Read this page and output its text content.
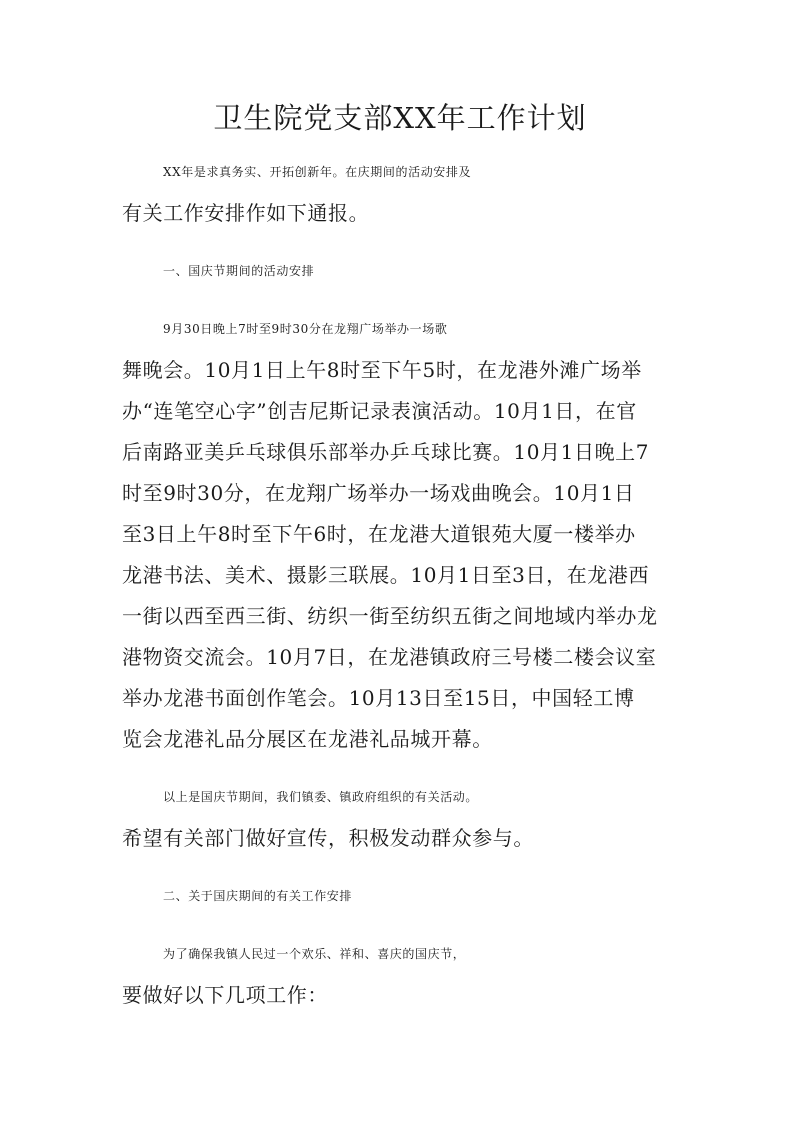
卫生院党支部XX年工作计划

XX年是求真务实、开拓创新年。在庆期间的活动安排及

有关工作安排作如下通报。

一、国庆节期间的活动安排

9月30日晚上7时至9时30分在龙翔广场举办一场歌

舞晚会。10月1日上午8时至下午5时，在龙港外滩广场举

办“连笔空心字”创吉尼斯记录表演活动。10月1日，在官

后南路亚美乒乓球俱乐部举办乒乓球比赛。10月1日晚上7

时至9时30分，在龙翔广场举办一场戏曲晚会。10月1日

至3日上午8时至下午6时，在龙港大道银苑大厦一楼举办

龙港书法、美术、摄影三联展。10月1日至3日，在龙港西

一街以西至西三街、纺织一街至纺织五街之间地域内举办龙

港物资交流会。10月7日，在龙港镇政府三号楼二楼会议室

举办龙港书面创作笔会。10月13日至15日，中国轻工博

览会龙港礼品分展区在龙港礼品城开幕。

以上是国庆节期间，我们镇委、镇政府组织的有关活动。

希望有关部门做好宣传，积极发动群众参与。

二、关于国庆期间的有关工作安排

为了确保我镇人民过一个欢乐、祥和、喜庆的国庆节，

要做好以下几项工作：
